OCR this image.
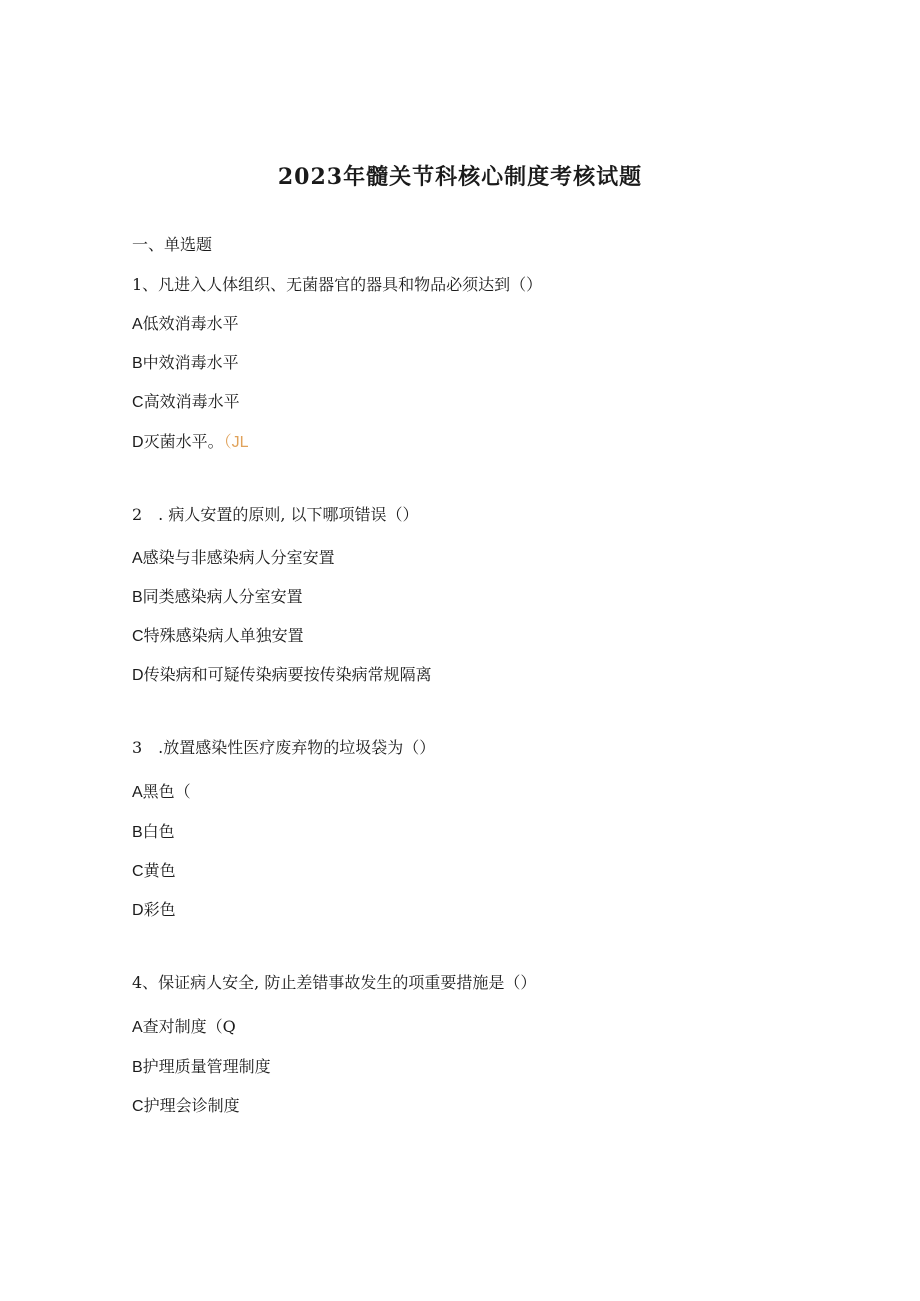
2023年髓关节科核心制度考核试题
一、单选题
1、凡进入人体组织、无菌器官的器具和物品必须达到（）
A低效消毒水平
B中效消毒水平
C高效消毒水平
D灭菌水平。（JL
2　. 病人安置的原则, 以下哪项错误（）
A感染与非感染病人分室安置
B同类感染病人分室安置
C特殊感染病人单独安置
D传染病和可疑传染病要按传染病常规隔离
3　.放置感染性医疗废弃物的垃圾袋为（）
A黑色（
B白色
C黄色
D彩色
4、保证病人安全, 防止差错事故发生的项重要措施是（）
A查对制度（Q
B护理质量管理制度
C护理会诊制度
